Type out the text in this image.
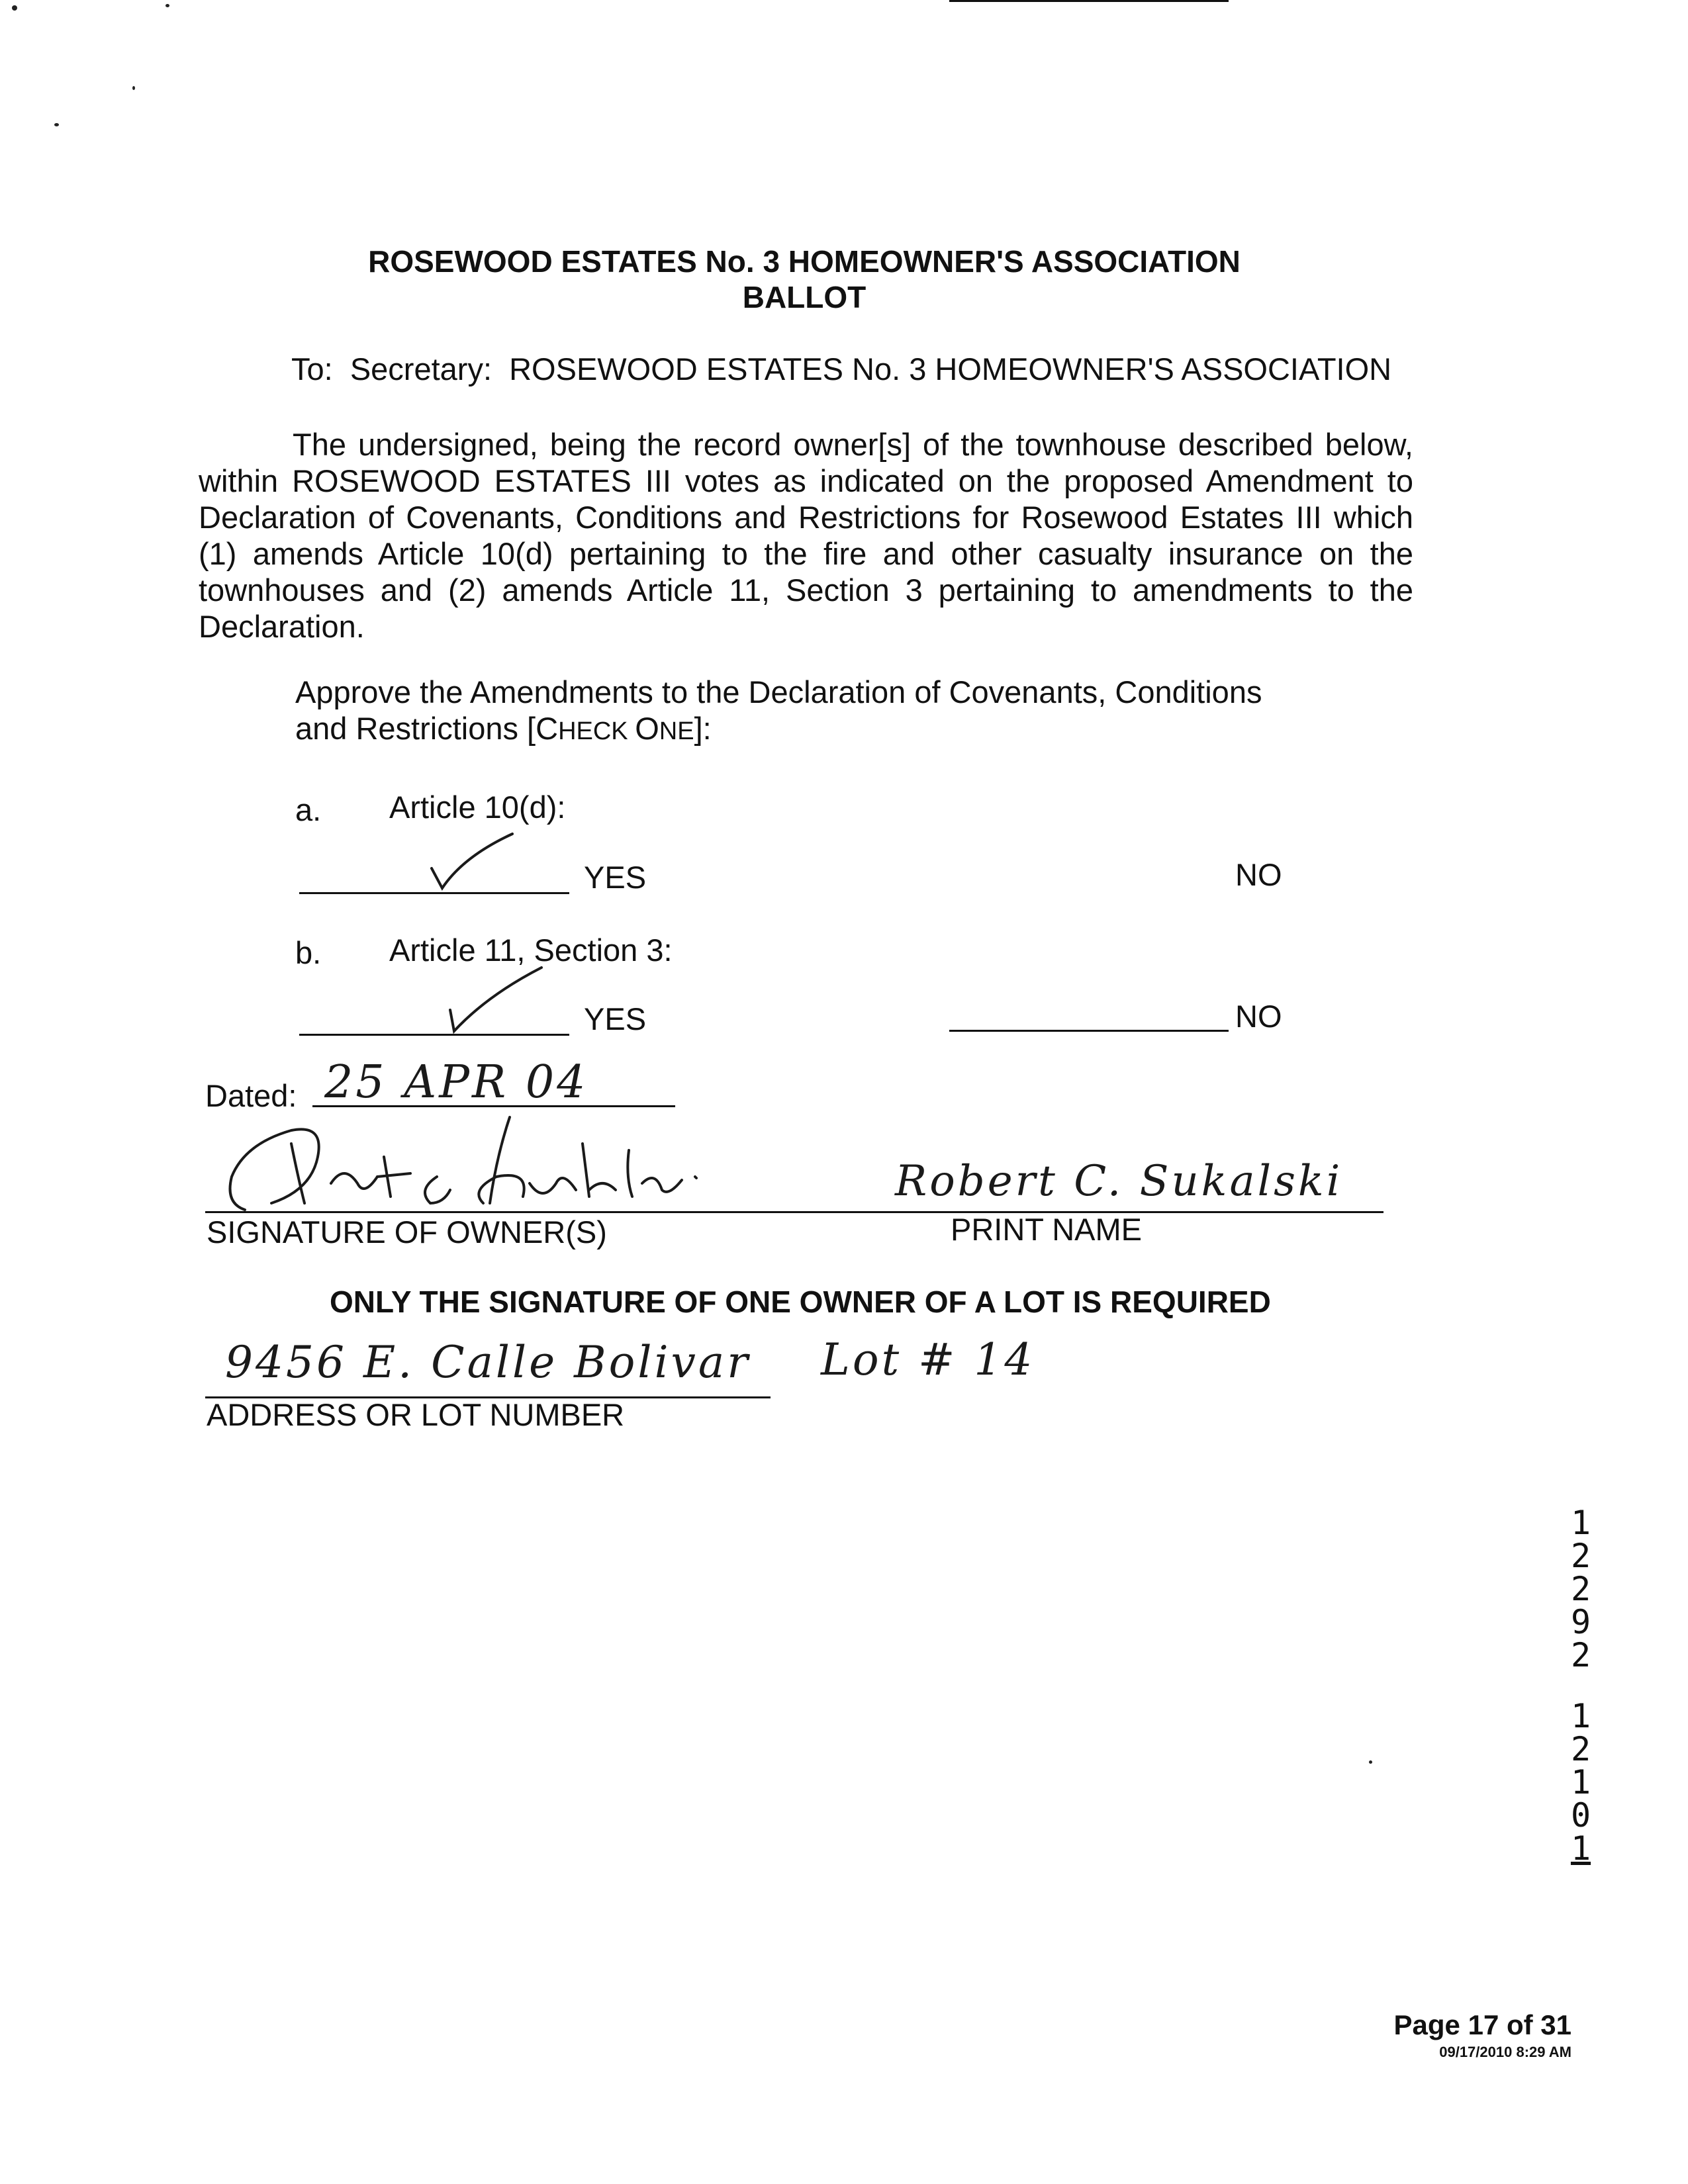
ROSEWOOD ESTATES No. 3 HOMEOWNER'S ASSOCIATION
BALLOT
To:  Secretary:  ROSEWOOD ESTATES No. 3 HOMEOWNER'S ASSOCIATION
The undersigned, being the record owner[s] of the townhouse described below, within ROSEWOOD ESTATES III votes as indicated on the proposed Amendment to Declaration of Covenants, Conditions and Restrictions for Rosewood Estates III which (1) amends Article 10(d) pertaining to the fire and other casualty insurance on the townhouses and (2) amends Article 11, Section 3 pertaining to amendments to the Declaration.
Approve the Amendments to the Declaration of Covenants, Conditions
and Restrictions [CHECK ONE]:
a. Article 10(d):
YES	NO
b. Article 11, Section 3:
YES	NO
Dated: 25 APR 04
Robert C. Sukalski
SIGNATURE OF OWNER(S)	PRINT NAME
ONLY THE SIGNATURE OF ONE OWNER OF A LOT IS REQUIRED
9456 E. Calle Bolivar Lot # 14
ADDRESS OR LOT NUMBER
1
2
2
9
2
1
2
1
0
1
Page 17 of 31
09/17/2010 8:29 AM
